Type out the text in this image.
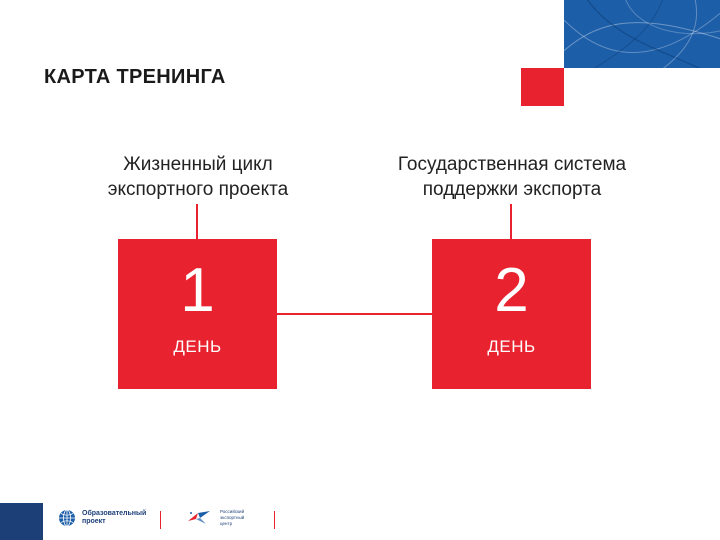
КАРТА ТРЕНИНГА
Жизненный цикл
экспортного проекта
Государственная система
поддержки экспорта
1
ДЕНЬ
2
ДЕНЬ
Образовательный
проект
Российский
экспортный
центр
